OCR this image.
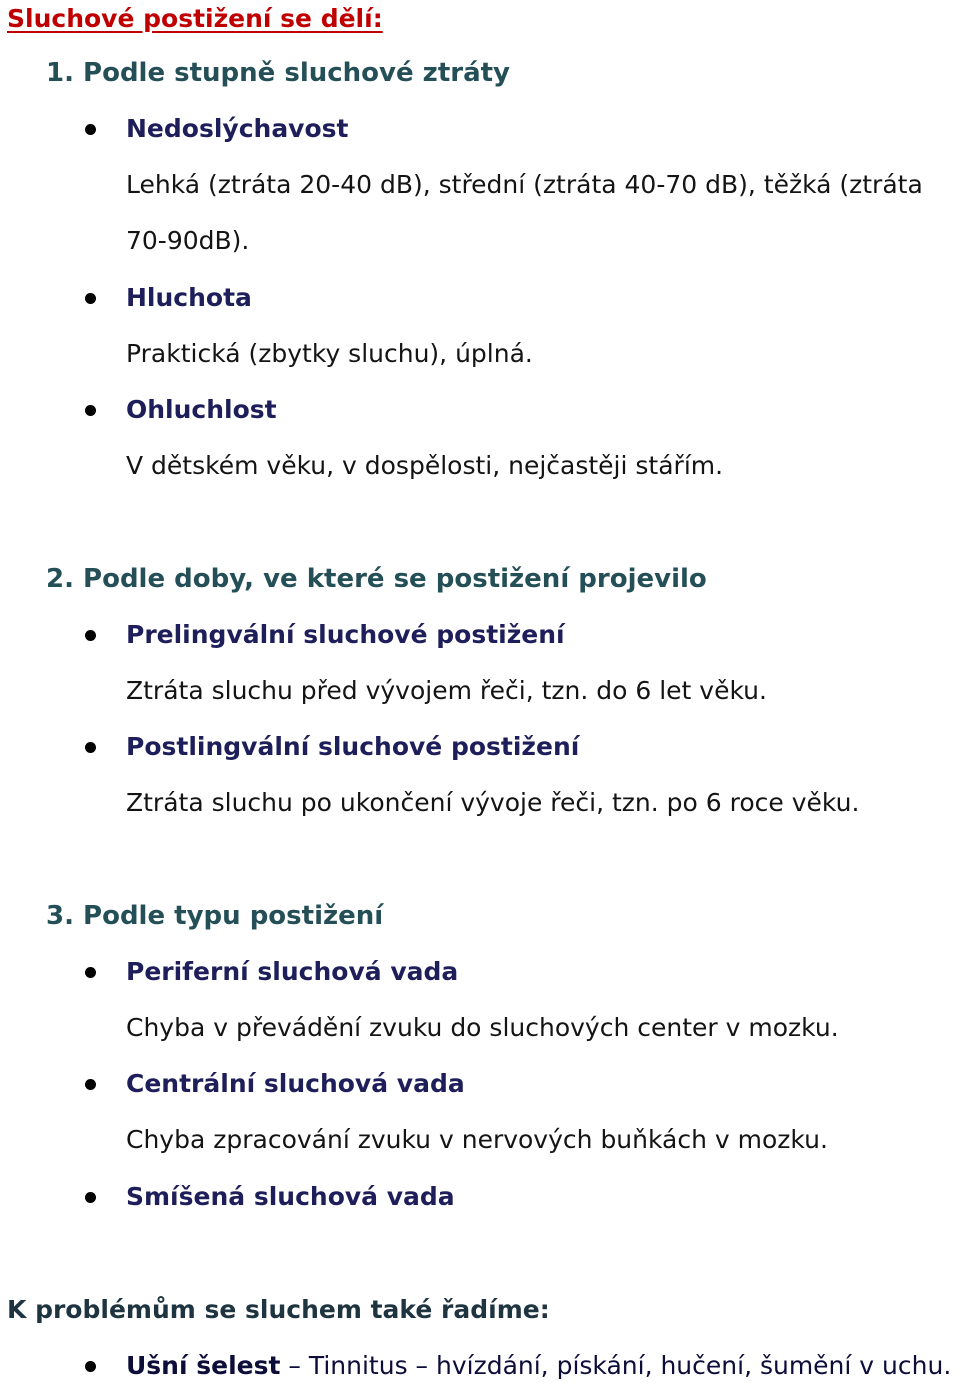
Sluchové postižení se dělí:
1. Podle stupně sluchové ztráty
Nedoslýchavost
Lehká (ztráta 20-40 dB), střední (ztráta 40-70 dB), těžká (ztráta
70-90dB).
Hluchota
Praktická (zbytky sluchu), úplná.
Ohluchlost
V dětském věku, v dospělosti, nejčastěji stářím.
2. Podle doby, ve které se postižení projevilo
Prelingvální sluchové postižení
Ztráta sluchu před vývojem řeči, tzn. do 6 let věku.
Postlingvální sluchové postižení
Ztráta sluchu po ukončení vývoje řeči, tzn. po 6 roce věku.
3. Podle typu postižení
Periferní sluchová vada
Chyba v převádění zvuku do sluchových center v mozku.
Centrální sluchová vada
Chyba zpracování zvuku v nervových buňkách v mozku.
Smíšená sluchová vada
K problémům se sluchem také řadíme:
Ušní šelest – Tinnitus – hvízdání, pískání, hučení, šumění v uchu.
